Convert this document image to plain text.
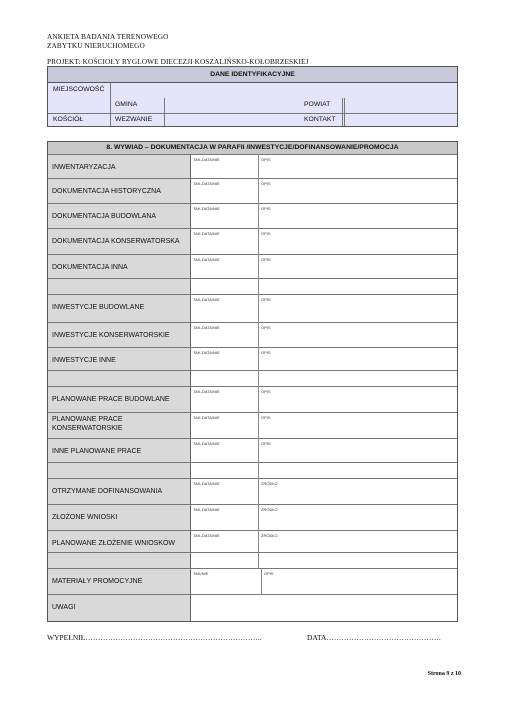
ANKIETA BADANIA TERENOWEGO
ZABYTKU NIERUCHOMEGO
PROJEKT: KOŚCIOŁY RYGLOWE DIECEZJI KOSZALIŃSKO-KOŁOBRZESKIEJ
DANE IDENTYFIKACYJNE
MIEJSCOWOŚĆ
GMINA	POWIAT
KOŚCIÓŁ	WEZWANIE	KONTAKT
8. WYWIAD – DOKUMENTACJA W PARAFII /INWESTYCJE/DOFINANSOWANIE/PROMOCJA
INWENTARYZACJA
TAK-DATA/NIE	OPIS
DOKUMENTACJA HISTORYCZNA
TAK-DATA/NIE	OPIS
DOKUMENTACJA BUDOWLANA
TAK-DATA/NIE	OPIS
DOKUMENTACJA KONSERWATORSKA
TAK-DATA/NIE	OPIS
DOKUMENTACJA INNA
TAK-DATA/NIE	OPIS
INWESTYCJE BUDOWLANE
TAK-DATA/NIE	OPIS
INWESTYCJE KONSERWATORSKIE
TAK-DATA/NIE	OPIS
INWESTYCJE INNE
TAK-DATA/NIE	OPIS
PLANOWANE PRACE BUDOWLANE
TAK-DATA/NIE	OPIS
PLANOWANE PRACE KONSERWATORSKIE
TAK-DATA/NIE	OPIS
INNE PLANOWANE PRACE
TAK-DATA/NIE	OPIS
OTRZYMANE DOFINANSOWANIA
TAK-DATA/NIE	ŹRÓDŁO
ZŁOŻONE WNIOSKI
TAK-DATA/NIE	ŹRÓDŁO
PLANOWANE ZŁOŻENIE WNIOSKÓW
TAK-DATA/NIE	ŹRÓDŁO
MATERIAŁY PROMOCYJNE
TAK/NIE	OPIS
UWAGI
WYPEŁNIŁ……………………………………………………………..	DATA……………………………………….
Strona 9 z 10
